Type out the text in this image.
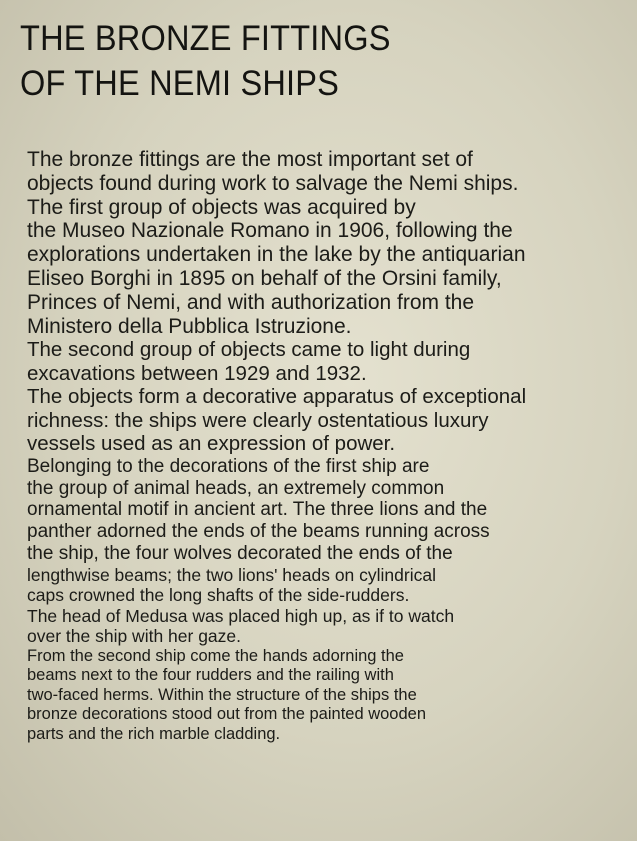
THE BRONZE FITTINGS
OF THE NEMI SHIPS
The bronze fittings are the most important set of
objects found during work to salvage the Nemi ships.
The first group of objects was acquired by
the Museo Nazionale Romano in 1906, following the
explorations undertaken in the lake by the antiquarian
Eliseo Borghi in 1895 on behalf of the Orsini family,
Princes of Nemi, and with authorization from the
Ministero della Pubblica Istruzione.
The second group of objects came to light during
excavations between 1929 and 1932.
The objects form a decorative apparatus of exceptional
richness: the ships were clearly ostentatious luxury
vessels used as an expression of power.
Belonging to the decorations of the first ship are
the group of animal heads, an extremely common
ornamental motif in ancient art. The three lions and the
panther adorned the ends of the beams running across
the ship, the four wolves decorated the ends of the
lengthwise beams; the two lions' heads on cylindrical
caps crowned the long shafts of the side-rudders.
The head of Medusa was placed high up, as if to watch
over the ship with her gaze.
From the second ship come the hands adorning the
beams next to the four rudders and the railing with
two-faced herms. Within the structure of the ships the
bronze decorations stood out from the painted wooden
parts and the rich marble cladding.
